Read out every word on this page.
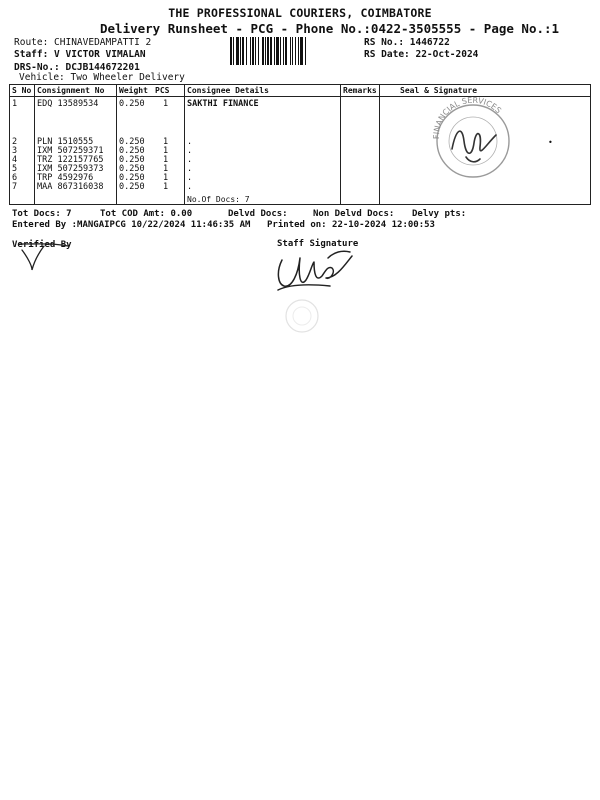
THE PROFESSIONAL COURIERS, COIMBATORE
Delivery Runsheet - PCG - Phone No.:0422-3505555 - Page No.:1
Route: CHINAVEDAMPATTI 2
Staff: V VICTOR VIMALAN
DRS-No.: DCJB144672201
Vehicle: Two Wheeler Delivery
RS No.: 1446722
RS Date: 22-Oct-2024
S No Consignment No Weight PCS Consignee Details	Remarks	Seal & Signature
1 EDQ 13589534 0.250 1 SAKTHI FINANCE
2 PLN 1510555	0.250 1 .
3 IXM 507259371 0.250 1 .
4 TRZ 122157765 0.250 1 .
5 IXM 507259373 0.250 1 .
6 TRP 4592976	0.250 1 .
7 MAA 867316038 0.250 1 .
No.Of Docs: 7
FINANCIAL SERVICES
•
Tot Docs: 7	Tot COD Amt: 0.00	Delvd Docs:	Non Delvd Docs: Delvy pts:
Entered By :MANGAIPCG 10/22/2024 11:46:35 AM Printed on: 22-10-2024 12:00:53
Verified By	Staff Signature
